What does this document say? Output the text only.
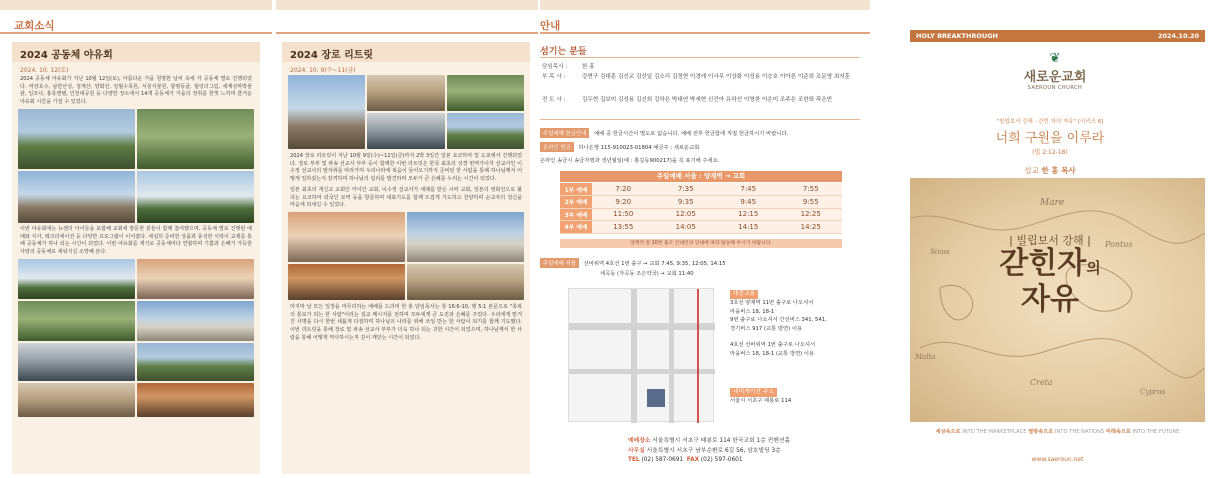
교회소식
2024 공동체 야유회
2024. 10. 12(토)
2024 공동체 야유회가 지난 10월 12일(토), 아름다운 가을 청명한 날씨 속에 각 공동체 별로 진행되었다. 마장호수, 남한산성, 청계산, 양화진, 일월수목원, 서울식물원, 광명동굴, 힐링더그림, 세계성막박물관, 일조나, 홍릉캔텐, 인천대공원 등 다양한 장소에서 14개 공동체가 가을의 정취를 한껏 느끼며 즐거운 야유회 시간을 가질 수 있었다.
이번 야유회에는 뉴젠의 아이들을 포함해 교회에 방문한 분들이 함께 참여했으며, 공동체 별로 진행된 예배와 식사, 레크리에이션 등 다양한 프로그램이 이어졌다. 세심히 준비한 상품과 풍성한 식탁이 교제를 통해 공동체가 하나 되는 시간이 되었다. 이번 야유회를 계기로 공동체마다 연합하며 기쁨과 은혜가 가득한 사랑의 공동체로 세워지길 소망해 본다.
2024 장로 리트릿
2024. 10. 9(수~11(금)
2024 장로 리트릿이 지난 10월 9일(수)~11일(금)까지 2박 3일간 일본 요코하마 및 도쿄에서 진행되었다. 장로 부부 및 파송 선교사 부부 등이 함께한 이번 리트릿은 한국 최초의 성경 번역가이자 선교사인 이수정 선교사의 발자취를 따라가며 우리나라에 복음이 들어오기까지 준비된 한 사람을 통해 하나님께서 어떻게 일하셨는지 감격하며 하나님의 섭리를 발견하며 모두가 큰 은혜를 누리는 시간이 되었다.
일본 최초의 개신교 교회인 카이간 교회, 이수정 선교사가 세례를 받은 시바 교회, 일본의 영화진으로 불리는 요코하마 외국인 묘역 등을 방문하며 대표기도를 함께 뜨겁게 기도하고 찬양하며 순교자의 정신을 마음에 되새길 수 있었다.
마지막 날 모든 일정을 마무리하는 예배를 드리며 한 홍 담임목사는 창 16:6-10, 행 5:1 본문으로 "축복의 통로가 되는 한 사람"이라는 설교 메시지를 전하며 모두에게 큰 도전과 은혜를 주었다. 우리에게 맡겨진 사명을 다시 한번 새롭게 다짐하며 하나님의 나라를 위해 쓰임 받는 한 사람이 되기를 함께 기도했다. 이번 리트릿을 통해 장로 및 파송 선교사 부부가 더욱 하나 되는 귀한 시간이 되었으며, 하나님께서 한 사람을 통해 어떻게 역사하시는지 깊이 깨닫는 시간이 되었다.
안내
섬기는 분들
담임목사 :	한 홍
부 목 사 :	강현구 김대훈 김선교 김선일 김소리 김정현 이경애 이사무 이상화 이성용 이승호 이아론 이준희 조문영 최지훈
전 도 사 :	김두현 김보미 김성용 김신희 김하은 박대연 박세현 신건아 유하선 이영찬 이은미 조주은 조한희 곽은빈
주일예배 헌금안내 예배 중 헌금시간이 별도로 없습니다. 예배 전후 헌금함에 직접 헌금하시기 바랍니다.
온라인 헌금 하나은행 115-910023-01804 예금주 : 새로운교회
온라인 송금시 송금자명과 생년월일(예 : 홍길동900217)을 꼭 표기해 주세요.
주일예배 서울 : 양재역 → 교회
1부 예배	7:20	7:35	7:45	7:55
2부 예배	9:20	9:35	9:45	9:55
3부 예배	11:50	12:05	12:15	12:25
4부 예배	13:55	14:05	14:15	14:25
양재역 앞 10번 출구 안내인의 안내에 따라 탑승해 주시기 바랍니다.
주일예배 셔틀 선바위역 4호선 1번 출구 → 교회 7:45, 9:35, 12:05, 14:15
세곡동 (자곡동 조은약국) → 교회 11:40
대중교통
3호선 양재역 11번 출구로 나오셔서
마을버스 18, 18-1
9번 출구로 나오셔서 간선버스 341, 541,
경기버스 917 (교통 방면) 이용
4호선 선바위역 1번 출구로 나오셔서
마을버스 18, 18-1 (교통 방면) 이용
내비게이션 주소
서울시 서초구 태봉로 114
예배장소 서울특별시 서초구 태봉로 114 한국교회 1층 컨벤션홀
사무실 서울특별시 서초구 남부순환로 6길 56, 삼호빌딩 3층
TEL (02) 587-0691 FAX (02) 597-0601
HOLY BREAKTHROUGH	2024.10.20
❦
새로운교회
SAEROUN CHURCH
"빌립보서 강해 - 갇힌 자의 자유" [시리즈 6]
너희 구원을 이루라
(빌 2:12-18)
설교 한 홍 목사
Mare
Pontus
Sinus
Creta
Malta
Cyprus
| 빌립보서 강해 |
갇힌자의
자유
세상속으로 INTO THE MARKETPLACE 열방속으로 INTO THE NATIONS 미래속으로 INTO THE FUTURE
www.saeroun.net
